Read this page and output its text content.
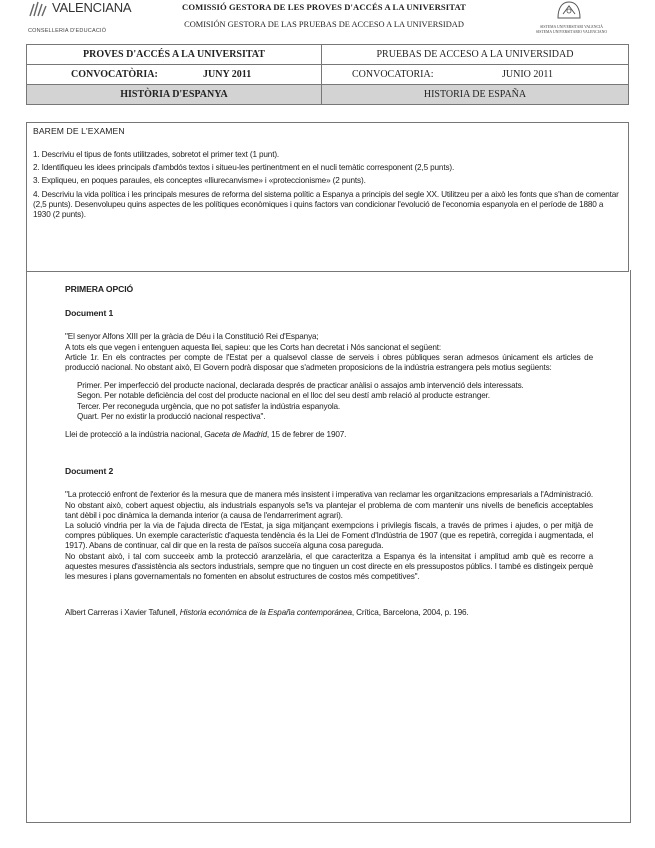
VALENCIANA
CONSELLERIA D'EDUCACIÓ
COMISSIÓ GESTORA DE LES PROVES D'ACCÉS A LA UNIVERSITAT
COMISIÓN GESTORA DE LAS PRUEBAS DE ACCESO A LA UNIVERSIDAD	SISTEMA UNIVERSITARI VALENCIÀ
SISTEMA UNIVERSITARIO VALENCIANO
PROVES D'ACCÉS A LA UNIVERSITAT	PRUEBAS DE ACCESO A LA UNIVERSIDAD

CONVOCATÒRIA: JUNY 2011	CONVOCATORIA: JUNIO 2011

HISTÒRIA D'ESPANYA	HISTORIA DE ESPAÑA
BAREM DE L'EXAMEN

1. Descriviu el tipus de fonts utilitzades, sobretot el primer text (1 punt).

2. Identifiqueu les idees principals d'ambdós textos i situeu-les pertinentment en el nucli temàtic corresponent (2,5 punts).

3. Expliqueu, en poques paraules, els conceptes «lliurecanvisme» i «proteccionisme» (2 punts).

4. Descriviu la vida política i les principals mesures de reforma del sistema polític a Espanya a principis del segle XX. Utilitzeu per a això les fonts que s'han de comentar (2,5 punts). Desenvolupeu quins aspectes de les polítiques econòmiques i quins factors van condicionar l'evolució de l'economia espanyola en el període de 1880 a 1930 (2 punts).

PRIMERA OPCIÓ
Document 1

"El senyor Alfons XIII per la gràcia de Déu i la Constitució Rei d'Espanya;

A tots els que vegen i entenguen aquesta llei, sapieu: que les Corts han decretat i Nós sancionat el següent:

Article 1r. En els contractes per compte de l'Estat per a qualsevol classe de serveis i obres públiques seran admesos únicament els articles de producció nacional. No obstant això, El Govern podrà disposar que s'admeten proposicions de la indústria estrangera pels motius següents:

Primer. Per imperfecció del producte nacional, declarada després de practicar anàlisi o assajos amb intervenció dels interessats.

Segon. Per notable deficiència del cost del producte nacional en el lloc del seu destí amb relació al producte estranger.

Tercer. Per reconeguda urgència, que no pot satisfer la indústria espanyola.

Quart. Per no existir la producció nacional respectiva".

Llei de protecció a la indústria nacional, Gaceta de Madrid, 15 de febrer de 1907.

Document 2

"La protecció enfront de l'exterior és la mesura que de manera més insistent i imperativa van reclamar les organitzacions empresarials a l'Administració. No obstant això, cobert aquest objectiu, als industrials espanyols se'ls va plantejar el problema de com mantenir uns nivells de beneficis acceptables tant dèbil i poc dinàmica la demanda interior (a causa de l'endarreriment agrari).

La solució vindria per la via de l'ajuda directa de l'Estat, ja siga mitjançant exempcions i privilegis fiscals, a través de primes i ajudes, o per mitjà de compres públiques. Un exemple característic d'aquesta tendència és la Llei de Foment d'Indústria de 1907 (que es repetirà, corregida i augmentada, el 1917). Abans de continuar, cal dir que en la resta de països succeïa alguna cosa pareguda.

No obstant això, i tal com succeeix amb la protecció aranzelària, el que caracteritza a Espanya és la intensitat i amplitud amb què es recorre a aquestes mesures d'assistència als sectors industrials, sempre que no tinguen un cost directe en els pressupostos públics. I també es distingeix perquè les mesures i plans governamentals no fomenten en absolut estructures de costos més competitives".

Albert Carreras i Xavier Tafunell, Historia económica de la España contemporánea, Crítica, Barcelona, 2004, p. 196.
